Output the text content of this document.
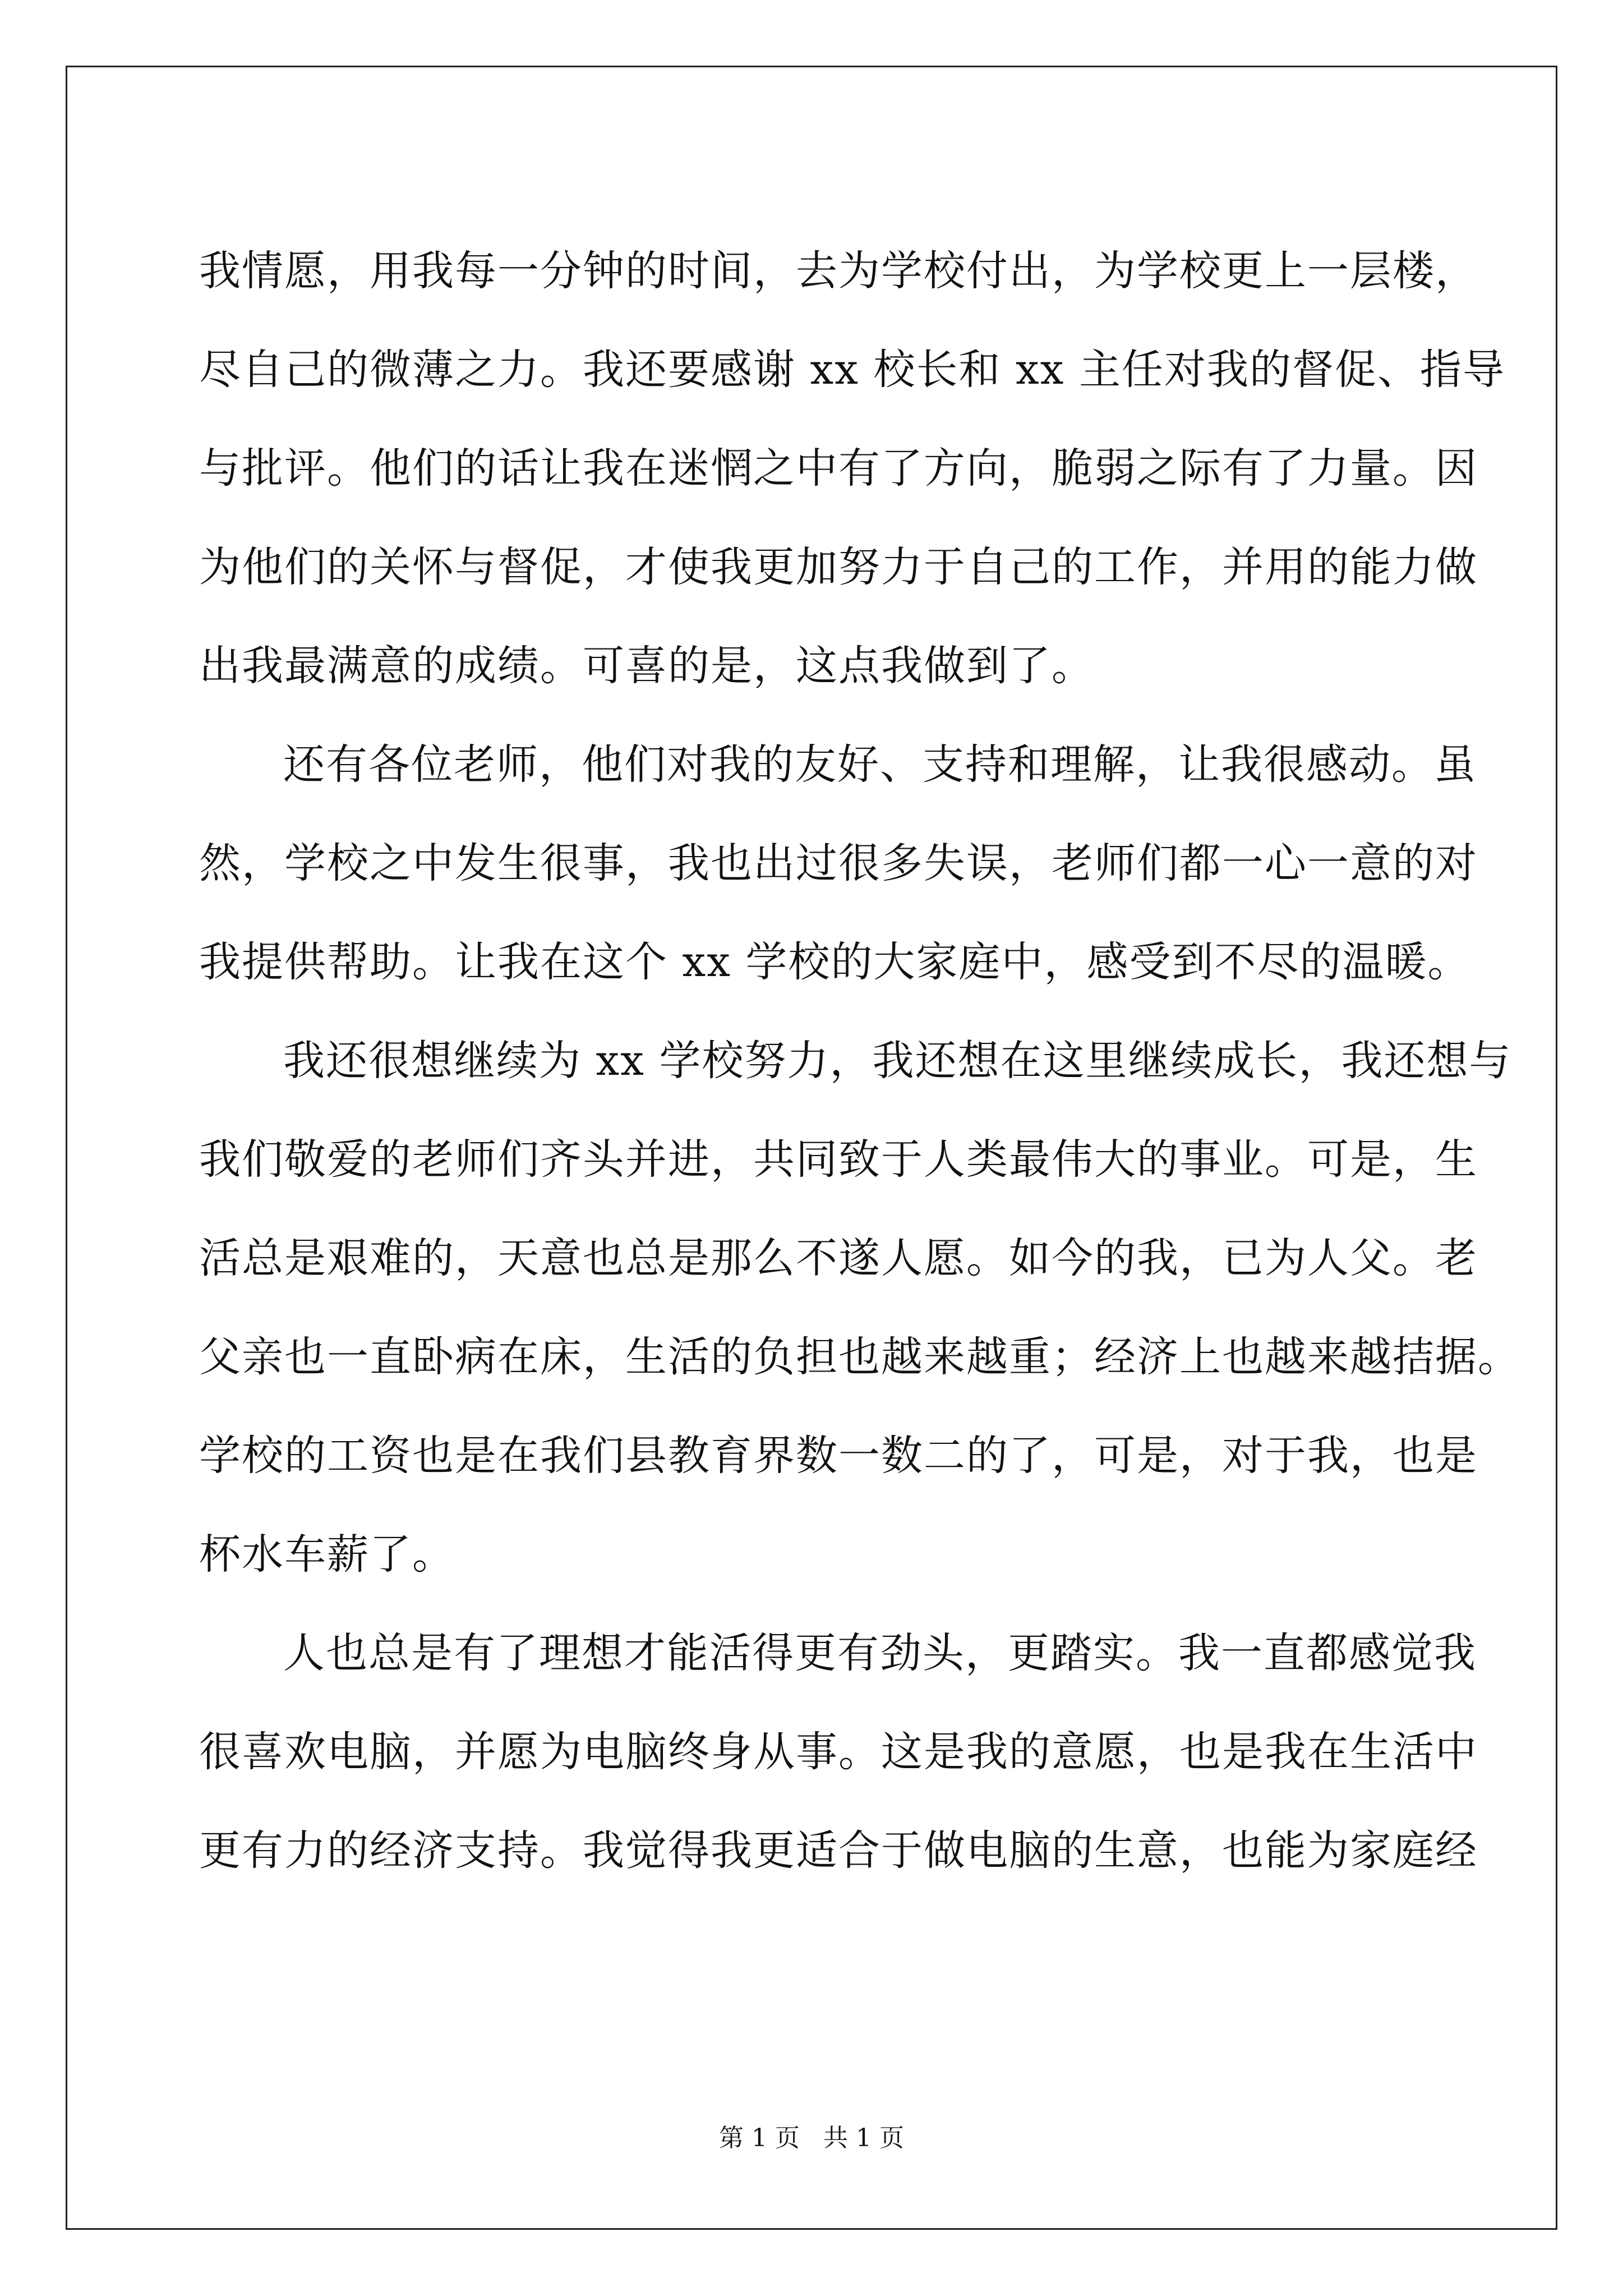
我情愿，用我每一分钟的时间，去为学校付出，为学校更上一层楼，
尽自己的微薄之力。我还要感谢 xx 校长和 xx 主任对我的督促、指导
与批评。他们的话让我在迷惘之中有了方向，脆弱之际有了力量。因
为他们的关怀与督促，才使我更加努力于自己的工作，并用的能力做
出我最满意的成绩。可喜的是，这点我做到了。
还有各位老师，他们对我的友好、支持和理解，让我很感动。虽
然，学校之中发生很事，我也出过很多失误，老师们都一心一意的对
我提供帮助。让我在这个 xx 学校的大家庭中，感受到不尽的温暖。
我还很想继续为 xx 学校努力，我还想在这里继续成长，我还想与
我们敬爱的老师们齐头并进，共同致于人类最伟大的事业。可是，生
活总是艰难的，天意也总是那么不遂人愿。如今的我，已为人父。老
父亲也一直卧病在床，生活的负担也越来越重；经济上也越来越拮据。
学校的工资也是在我们县教育界数一数二的了，可是，对于我，也是
杯水车薪了。
人也总是有了理想才能活得更有劲头，更踏实。我一直都感觉我
很喜欢电脑，并愿为电脑终身从事。这是我的意愿，也是我在生活中
更有力的经济支持。我觉得我更适合于做电脑的生意，也能为家庭经
第 1 页 共 1 页
